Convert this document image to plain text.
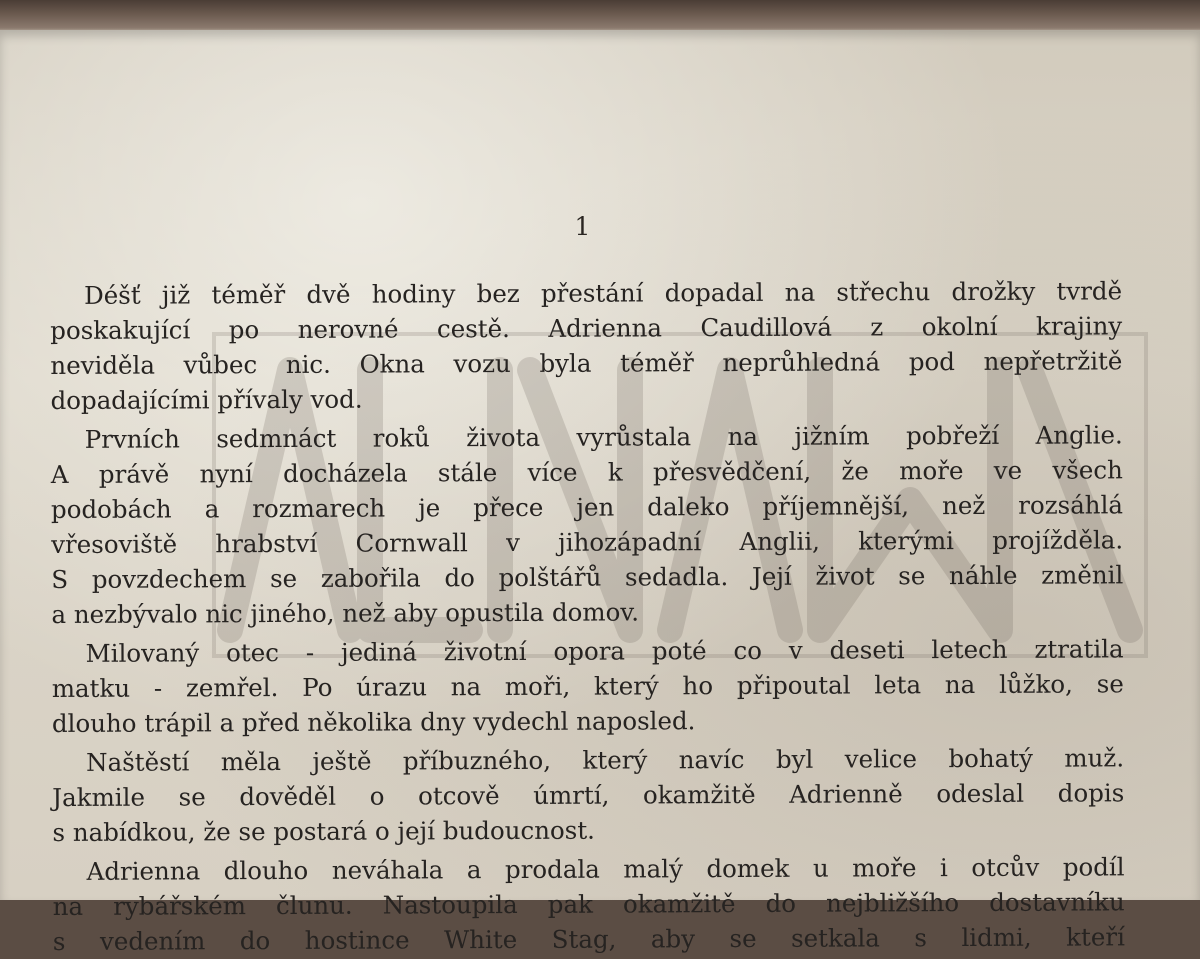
1

Déšť již téměř dvě hodiny bez přestání dopadal na střechu drožky tvrdě
poskakující po nerovné cestě. Adrienna Caudillová z okolní krajiny
neviděla vůbec nic. Okna vozu byla téměř neprůhledná pod nepřetržitě
dopadajícími přívaly vod.
Prvních sedmnáct roků života vyrůstala na jižním pobřeží Anglie.
A právě nyní docházela stále více k přesvědčení, že moře ve všech
podobách a rozmarech je přece jen daleko příjemnější, než rozsáhlá
vřesoviště hrabství Cornwall v jihozápadní Anglii, kterými projížděla.
S povzdechem se zabořila do polštářů sedadla. Její život se náhle změnil
a nezbývalo nic jiného, než aby opustila domov.
Milovaný otec - jediná životní opora poté co v deseti letech ztratila
matku - zemřel. Po úrazu na moři, který ho připoutal leta na lůžko, se
dlouho trápil a před několika dny vydechl naposled.
Naštěstí měla ještě příbuzného, který navíc byl velice bohatý muž.
Jakmile se dověděl o otcově úmrtí, okamžitě Adrienně odeslal dopis
s nabídkou, že se postará o její budoucnost.
Adrienna dlouho neváhala a prodala malý domek u moře i otcův podíl
na rybářském člunu. Nastoupila pak okamžitě do nejbližšího dostavníku
s vedením do hostince White Stag, aby se setkala s lidmi, kteří
